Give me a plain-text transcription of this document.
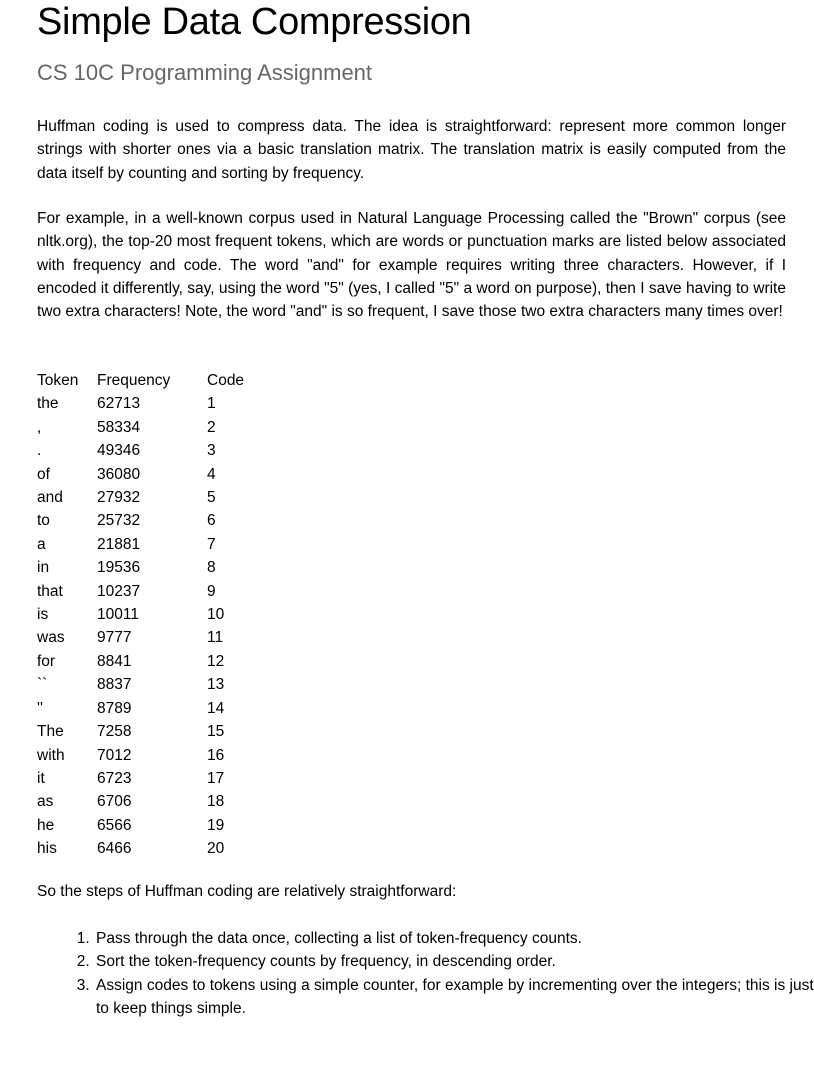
Simple Data Compression
CS 10C Programming Assignment

Huffman coding is used to compress data. The idea is straightforward: represent more common longer strings with shorter ones via a basic translation matrix. The translation matrix is easily computed from the data itself by counting and sorting by frequency.

For example, in a well-known corpus used in Natural Language Processing called the "Brown" corpus (see nltk.org), the top-20 most frequent tokens, which are words or punctuation marks are listed below associated with frequency and code. The word "and" for example requires writing three characters. However, if I encoded it differently, say, using the word "5" (yes, I called "5" a word on purpose), then I save having to write two extra characters! Note, the word "and" is so frequent, I save those two extra characters many times over!

Token	Frequency	Code
the	62713	1
,	58334	2
.	49346	3
of	36080	4
and	27932	5
to	25732	6
a	21881	7
in	19536	8
that	10237	9
is	10011	10
was	9777	11
for	8841	12
``	8837	13
''	8789	14
The	7258	15
with	7012	16
it	6723	17
as	6706	18
he	6566	19
his	6466	20

So the steps of Huffman coding are relatively straightforward:

1. Pass through the data once, collecting a list of token-frequency counts.
2. Sort the token-frequency counts by frequency, in descending order.
3. Assign codes to tokens using a simple counter, for example by incrementing over the integers; this is just to keep things simple.
